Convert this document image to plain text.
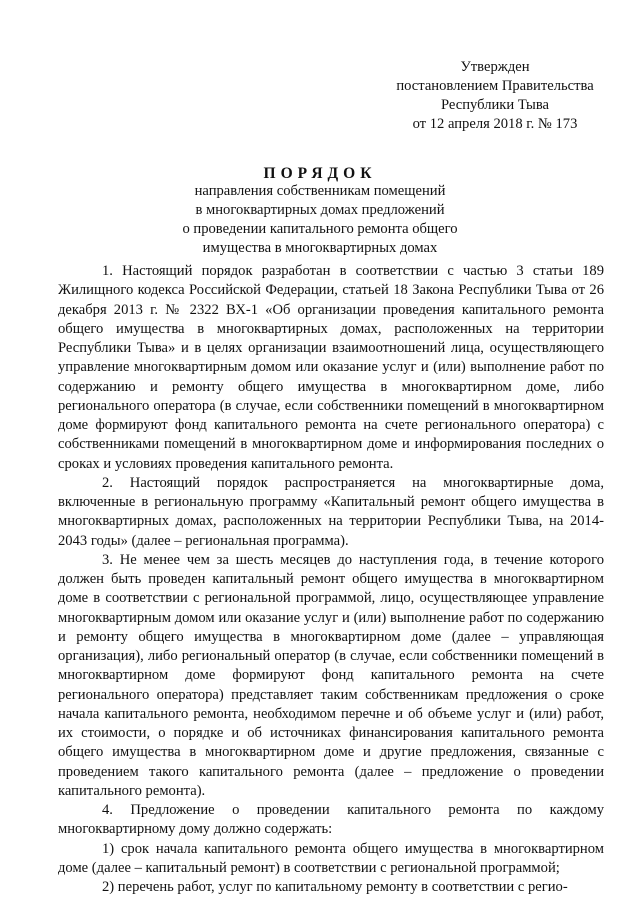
Утвержден
постановлением Правительства
Республики Тыва
от 12 апреля 2018 г. № 173
ПОРЯДОК
направления собственникам помещений
в многоквартирных домах предложений
о проведении капитального ремонта общего
имущества в многоквартирных домах

1. Настоящий порядок разработан в соответствии с частью 3 статьи 189 Жилищного кодекса Российской Федерации, статьей 18 Закона Республики Тыва от 26 декабря 2013 г. № 2322 ВХ-1 «Об организации проведения капитального ремонта общего имущества в многоквартирных домах, расположенных на территории Республики Тыва» и в целях организации взаимоотношений лица, осуществляющего управление многоквартирным домом или оказание услуг и (или) выполнение работ по содержанию и ремонту общего имущества в многоквартирном доме, либо регионального оператора (в случае, если собственники помещений в многоквартирном доме формируют фонд капитального ремонта на счете регионального оператора) с собственниками помещений в многоквартирном доме и информирования последних о сроках и условиях проведения капитального ремонта.

2. Настоящий порядок распространяется на многоквартирные дома, включенные в региональную программу «Капитальный ремонт общего имущества в многоквартирных домах, расположенных на территории Республики Тыва, на 2014-2043 годы» (далее – региональная программа).

3. Не менее чем за шесть месяцев до наступления года, в течение которого должен быть проведен капитальный ремонт общего имущества в многоквартирном доме в соответствии с региональной программой, лицо, осуществляющее управление многоквартирным домом или оказание услуг и (или) выполнение работ по содержанию и ремонту общего имущества в многоквартирном доме (далее – управляющая организация), либо региональный оператор (в случае, если собственники помещений в многоквартирном доме формируют фонд капитального ремонта на счете регионального оператора) представляет таким собственникам предложения о сроке начала капитального ремонта, необходимом перечне и об объеме услуг и (или) работ, их стоимости, о порядке и об источниках финансирования капитального ремонта общего имущества в многоквартирном доме и другие предложения, связанные с проведением такого капитального ремонта (далее – предложение о проведении капитального ремонта).

4. Предложение о проведении капитального ремонта по каждому многоквартирному дому должно содержать:

1) срок начала капитального ремонта общего имущества в многоквартирном доме (далее – капитальный ремонт) в соответствии с региональной программой;

2) перечень работ, услуг по капитальному ремонту в соответствии с регио-
